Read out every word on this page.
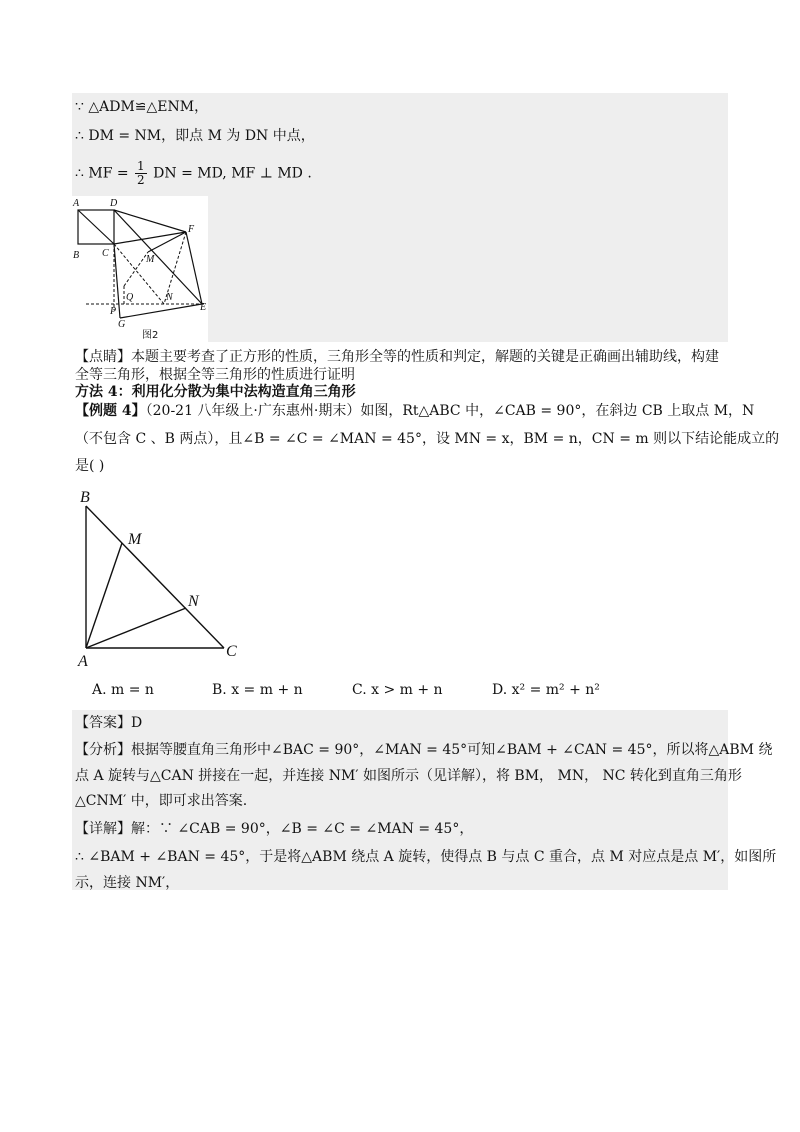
∵ △ADM≌△ENM，
∴ DM = NM，即点 M 为 DN 中点，
∴ MF = $\frac{1}{2}$ DN = MD, MF ⊥ MD .
A	D
F
B C
M
Q	N
P	E
G
图2
【点睛】本题主要考查了正方形的性质，三角形全等的性质和判定，解题的关键是正确画出辅助线，构建
全等三角形，根据全等三角形的性质进行证明
方法 4：利用化分散为集中法构造直角三角形
【例题 4】（20-21 八年级上·广东惠州·期末）如图，Rt△ABC 中，∠CAB = 90°，在斜边 CB 上取点 M，N
（不包含 C 、B 两点），且∠B = ∠C = ∠MAN = 45°，设 MN = x，BM = n，CN = m 则以下结论能成立的
是( )
B
M
N
A
C
A. m = n	B. x = m + n	C. x > m + n	D. x² = m² + n²
【答案】D
【分析】根据等腰直角三角形中∠BAC = 90°，∠MAN = 45°可知∠BAM + ∠CAN = 45°，所以将△ABM 绕
点 A 旋转与△CAN 拼接在一起，并连接 NM′ 如图所示（见详解），将 BM， MN， NC 转化到直角三角形
△CNM′ 中，即可求出答案.
【详解】解：∵ ∠CAB = 90°，∠B = ∠C = ∠MAN = 45°，
∴ ∠BAM + ∠BAN = 45°，于是将△ABM 绕点 A 旋转，使得点 B 与点 C 重合，点 M 对应点是点 M′，如图所
示，连接 NM′，
